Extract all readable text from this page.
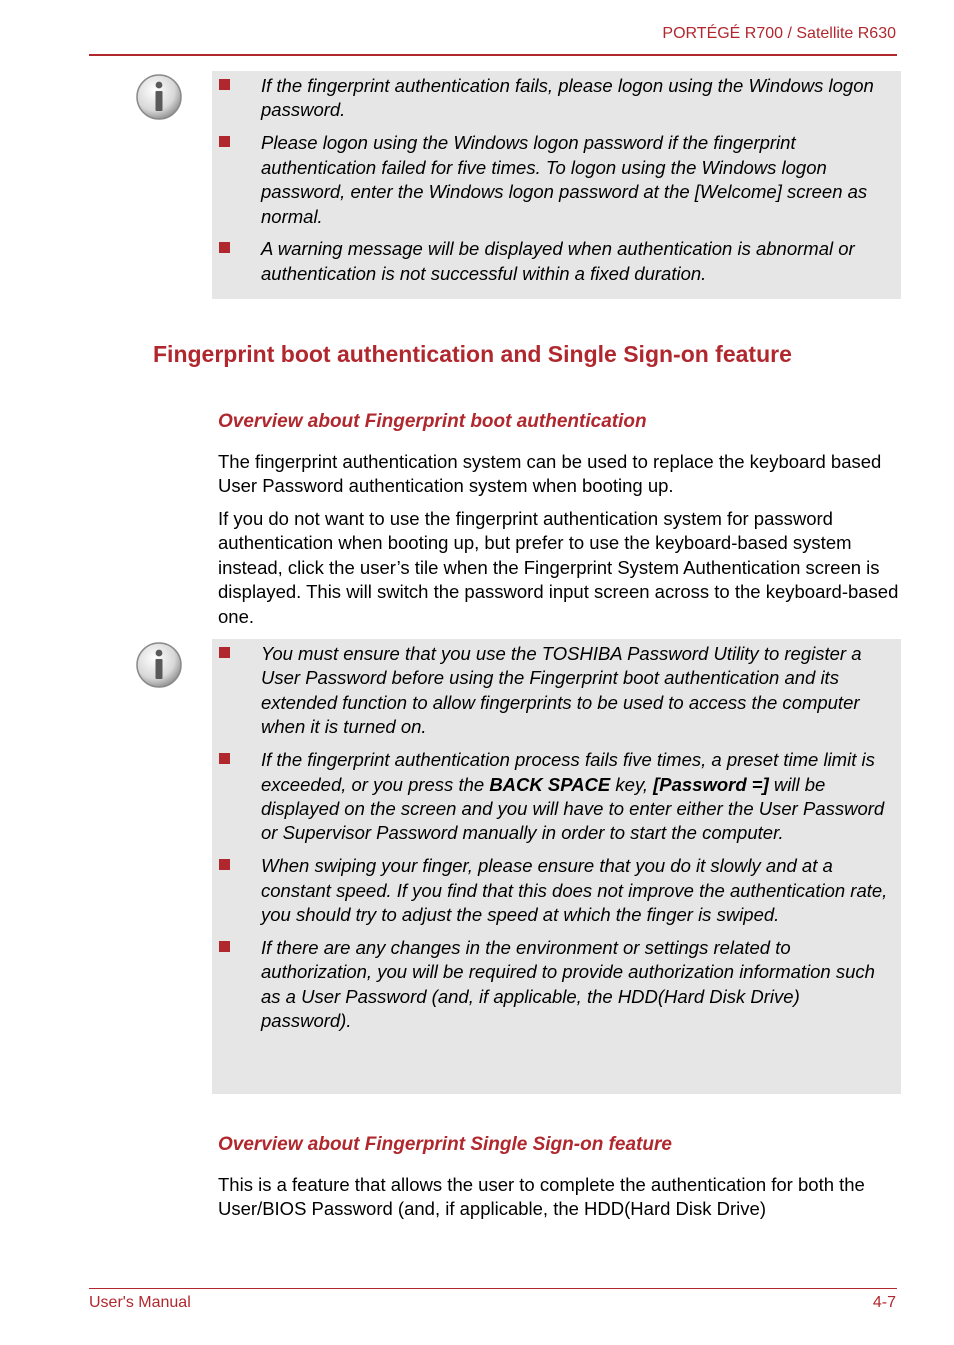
PORTÉGÉ R700 / Satellite R630
If the fingerprint authentication fails, please logon using the Windows logon password.
Please logon using the Windows logon password if the fingerprint authentication failed for five times. To logon using the Windows logon password, enter the Windows logon password at the [Welcome] screen as normal.
A warning message will be displayed when authentication is abnormal or authentication is not successful within a fixed duration.
Fingerprint boot authentication and Single Sign-on feature
Overview about Fingerprint boot authentication
The fingerprint authentication system can be used to replace the keyboard based User Password authentication system when booting up.
If you do not want to use the fingerprint authentication system for password authentication when booting up, but prefer to use the keyboard-based system instead, click the user’s tile when the Fingerprint System Authentication screen is displayed. This will switch the password input screen across to the keyboard-based one.
You must ensure that you use the TOSHIBA Password Utility to register a User Password before using the Fingerprint boot authentication and its extended function to allow fingerprints to be used to access the computer when it is turned on.
If the fingerprint authentication process fails five times, a preset time limit is exceeded, or you press the BACK SPACE key, [Password =] will be displayed on the screen and you will have to enter either the User Password or Supervisor Password manually in order to start the computer.
When swiping your finger, please ensure that you do it slowly and at a constant speed. If you find that this does not improve the authentication rate, you should try to adjust the speed at which the finger is swiped.
If there are any changes in the environment or settings related to authorization, you will be required to provide authorization information such as a User Password (and, if applicable, the HDD(Hard Disk Drive) password).
Overview about Fingerprint Single Sign-on feature
This is a feature that allows the user to complete the authentication for both the User/BIOS Password (and, if applicable, the HDD(Hard Disk Drive)
User's Manual	4-7
